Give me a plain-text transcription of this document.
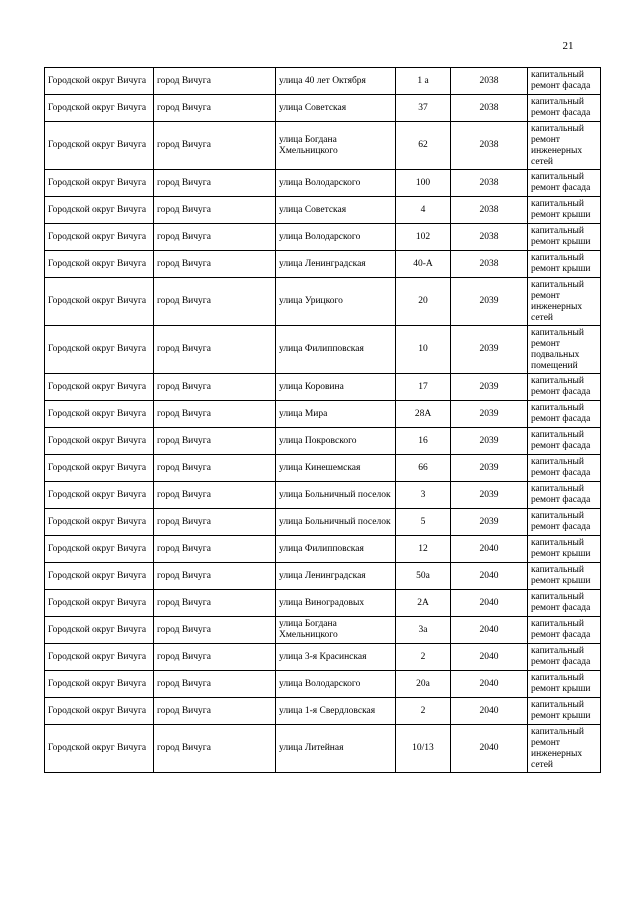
21
Городской округ Вичуга	город Вичуга	улица 40 лет Октября	1 а	2038	капитальный ремонт фасада
Городской округ Вичуга	город Вичуга	улица Советская	37	2038	капитальный ремонт фасада
Городской округ Вичуга	город Вичуга	улица Богдана Хмельницкого	62	2038	капитальный ремонт инженерных сетей
Городской округ Вичуга	город Вичуга	улица Володарского	100	2038	капитальный ремонт фасада
Городской округ Вичуга	город Вичуга	улица Советская	4	2038	капитальный ремонт крыши
Городской округ Вичуга	город Вичуга	улица Володарского	102	2038	капитальный ремонт крыши
Городской округ Вичуга	город Вичуга	улица Ленинградская	40-А	2038	капитальный ремонт крыши
Городской округ Вичуга	город Вичуга	улица Урицкого	20	2039	капитальный ремонт инженерных сетей
Городской округ Вичуга	город Вичуга	улица Филипповская	10	2039	капитальный ремонт подвальных помещений
Городской округ Вичуга	город Вичуга	улица Коровина	17	2039	капитальный ремонт фасада
Городской округ Вичуга	город Вичуга	улица Мира	28А	2039	капитальный ремонт фасада
Городской округ Вичуга	город Вичуга	улица Покровского	16	2039	капитальный ремонт фасада
Городской округ Вичуга	город Вичуга	улица Кинешемская	66	2039	капитальный ремонт фасада
Городской округ Вичуга	город Вичуга	улица Больничный поселок	3	2039	капитальный ремонт фасада
Городской округ Вичуга	город Вичуга	улица Больничный поселок	5	2039	капитальный ремонт фасада
Городской округ Вичуга	город Вичуга	улица Филипповская	12	2040	капитальный ремонт крыши
Городской округ Вичуга	город Вичуга	улица Ленинградская	50а	2040	капитальный ремонт крыши
Городской округ Вичуга	город Вичуга	улица Виноградовых	2А	2040	капитальный ремонт фасада
Городской округ Вичуга	город Вичуга	улица Богдана Хмельницкого	3а	2040	капитальный ремонт фасада
Городской округ Вичуга	город Вичуга	улица 3-я Красинская	2	2040	капитальный ремонт фасада
Городской округ Вичуга	город Вичуга	улица Володарского	20а	2040	капитальный ремонт крыши
Городской округ Вичуга	город Вичуга	улица 1-я Свердловская	2	2040	капитальный ремонт крыши
Городской округ Вичуга	город Вичуга	улица Литейная	10/13	2040	капитальный ремонт инженерных сетей
